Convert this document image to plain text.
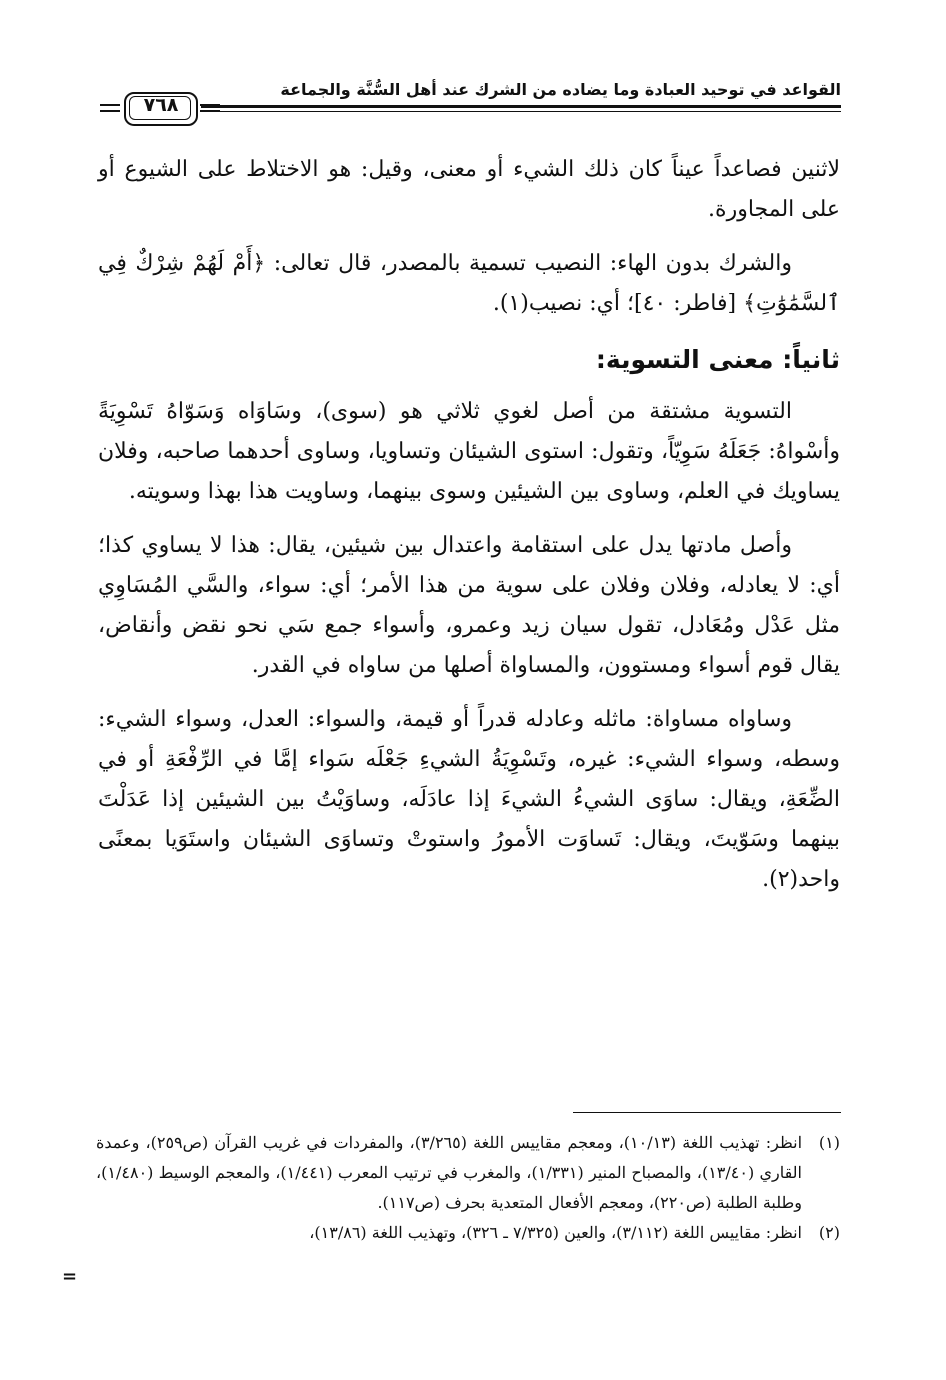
القواعد في توحيد العبادة وما يضاده من الشرك عند أهل السُّنَّة والجماعة
٧٦٨

لاثنين فصاعداً عيناً كان ذلك الشيء أو معنى، وقيل: هو الاختلاط على الشيوع أو على المجاورة.

والشرك بدون الهاء: النصيب تسمية بالمصدر، قال تعالى: ﴿أَمْ لَهُمْ شِرْكٌ فِي ٱلسَّمَٰوَٰتِ﴾ [فاطر: ٤٠]؛ أي: نصيب(١).

ثانياً: معنى التسوية:

التسوية مشتقة من أصل لغوي ثلاثي هو (سوى)، وسَاوَاه وَسَوّاهُ تَسْوِيَةً وأسْواهُ: جَعَلَهُ سَوِيّاً، وتقول: استوى الشيئان وتساويا، وساوى أحدهما صاحبه، وفلان يساويك في العلم، وساوى بين الشيئين وسوى بينهما، وساويت هذا بهذا وسويته.

وأصل مادتها يدل على استقامة واعتدال بين شيئين، يقال: هذا لا يساوي كذا؛ أي: لا يعادله، وفلان وفلان على سوية من هذا الأمر؛ أي: سواء، والسَّي المُسَاوِي مثل عَدْل ومُعَادل، تقول سيان زيد وعمرو، وأسواء جمع سَي نحو نقض وأنقاض، يقال قوم أسواء ومستوون، والمساواة أصلها من ساواه في القدر.

وساواه مساواة: ماثله وعادله قدراً أو قيمة، والسواء: العدل، وسواء الشيء: وسطه، وسواء الشيء: غيره، وتَسْوِيَةُ الشيءِ جَعْلَه سَواء إمَّا في الرِّفْعَةِ أو في الضِّعَةِ، ويقال: ساوَى الشيءُ الشيءَ إذا عادَلَه، وساوَيْتُ بين الشيئين إذا عَدَلْتَ بينهما وسَوّيتَ، ويقال: تَساوَت الأمورُ واستوتْ وتساوَى الشيئان واستَوَيا بمعنًى واحد(٢).

(١)
انظر: تهذيب اللغة (١٠/١٣)، ومعجم مقاييس اللغة (٣/٢٦٥)، والمفردات في غريب القرآن (ص٢٥٩)، وعمدة القاري (١٣/٤٠)، والمصباح المنير (١/٣٣١)، والمغرب في ترتيب المعرب (١/٤٤١)، والمعجم الوسيط (١/٤٨٠)، وطلبة الطلبة (ص٢٢٠)، ومعجم الأفعال المتعدية بحرف (ص١١٧).
(٢)
انظر: مقاييس اللغة (٣/١١٢)، والعين (٧/٣٢٥ ـ ٣٢٦)، وتهذيب اللغة (١٣/٨٦)،
=
